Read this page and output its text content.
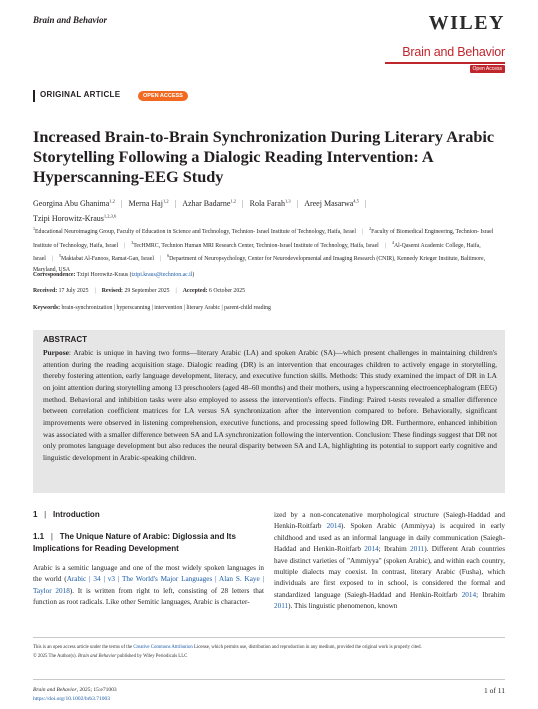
Brain and Behavior	WILEY
Brain and Behavior
Open Access
ORIGINAL ARTICLE	OPEN ACCESS
Increased Brain-to-Brain Synchronization During Literary Arabic Storytelling Following a Dialogic Reading Intervention: A Hyperscanning-EEG Study
Georgina Abu Ghanima$^{1,2}$ | Merna Haj$^{1,2}$ | Azhar Badarne$^{1,2}$ | Rola Farah$^{1,3}$ | Areej Masarwa$^{4,5}$ |
Tzipi Horowitz-Kraus$^{1,2,3,6}$
$^1$Educational Neuroimaging Group, Faculty of Education in Science and Technology, Technion- Israel Institute of Technology, Haifa, Israel $|^2Faculty$ of Biomedical Engineering, Technion- Israel Institute of Technology, Haifa, Israel $|^3TecHMRC$, Technion Human MRI Research Center, Technion-Israel Institute of Technology, Haifa, Israel $|^4Al$-Qasemi Academic College, Haifa, Israel $|^5Maktabat$ Al-Fanoos, Ramat-Gan, Israel $|^6Department$ of Neuropsychology, Center for Neurodevelopmental and Imaging Research (CNIR), Kennedy Krieger Institute, Baltimore, Maryland, USA
Correspondence: Tzipi Horowitz-Kraus (tzipi.kraus@technion.ac.il)
Received: 17 July 2025 | Revised: 29 September 2025 | Accepted: 6 October 2025
Keywords: brain-synchronization | hyperscanning | intervention | literary Arabic | parent-child reading
ABSTRACT
Purpose: Arabic is unique in having two forms—literary Arabic (LA) and spoken Arabic (SA)—which present challenges in maintaining children's attention during the reading acquisition stage. Dialogic reading (DR) is an intervention that encourages children to actively engage in storytelling, thereby fostering attention, early language development, literacy, and executive function skills. Methods: This study examined the impact of DR in LA on joint attention during storytelling among 13 preschoolers (aged 48–60 months) and their mothers, using a hyperscanning electroencephalogram (EEG) method. Behavioral and inhibition tasks were also employed to assess the intervention's effects. Finding: Paired t-tests revealed a smaller difference between correlation coefficient matrices for LA versus SA synchronization after the intervention compared to before. Behaviorally, significant improvements were observed in listening comprehension, executive functions, and processing speed following DR. Furthermore, enhanced inhibition was associated with a smaller difference between SA and LA synchronization following the intervention. Conclusion: These findings suggest that DR not only promotes language development but also reduces the neural disparity between SA and LA, highlighting its potential to support early cognitive and linguistic development in Arabic-speaking children.
1 | Introduction
1.1 | The Unique Nature of Arabic: Diglossia and Its Implications for Reading Development
Arabic is a semitic language and one of the most widely spoken languages in the world (Arabic | 34 | v3 | The World's Major Languages | Alan S. Kaye | Taylor 2018). It is written from right to left, consisting of 28 letters that function as root radicals. Like other Semitic languages, Arabic is character-
ized by a non-concatenative morphological structure (Saiegh-Haddad and Henkin-Roitfarb 2014). Spoken Arabic (Ammiyya) is acquired in early childhood and used as an informal language in daily communication (Saiegh-Haddad and Henkin-Roitfarb 2014; Ibrahim 2011). Different Arab countries have distinct varieties of "Ammiyya" (spoken Arabic), and within each country, multiple dialects may coexist. In contrast, literary Arabic (Fusha), which individuals are first exposed to in school, is considered the formal and standardized language (Saiegh-Haddad and Henkin-Roitfarb 2014; Ibrahim 2011). This linguistic phenomenon, known
This is an open access article under the terms of the Creative Commons Attribution License, which permits use, distribution and reproduction in any medium, provided the original work is properly cited.
© 2025 The Author(s). Brain and Behavior published by Wiley Periodicals LLC
Brain and Behavior, 2025; 15:e71003
https://doi.org/10.1002/brb3.71003
1 of 11
